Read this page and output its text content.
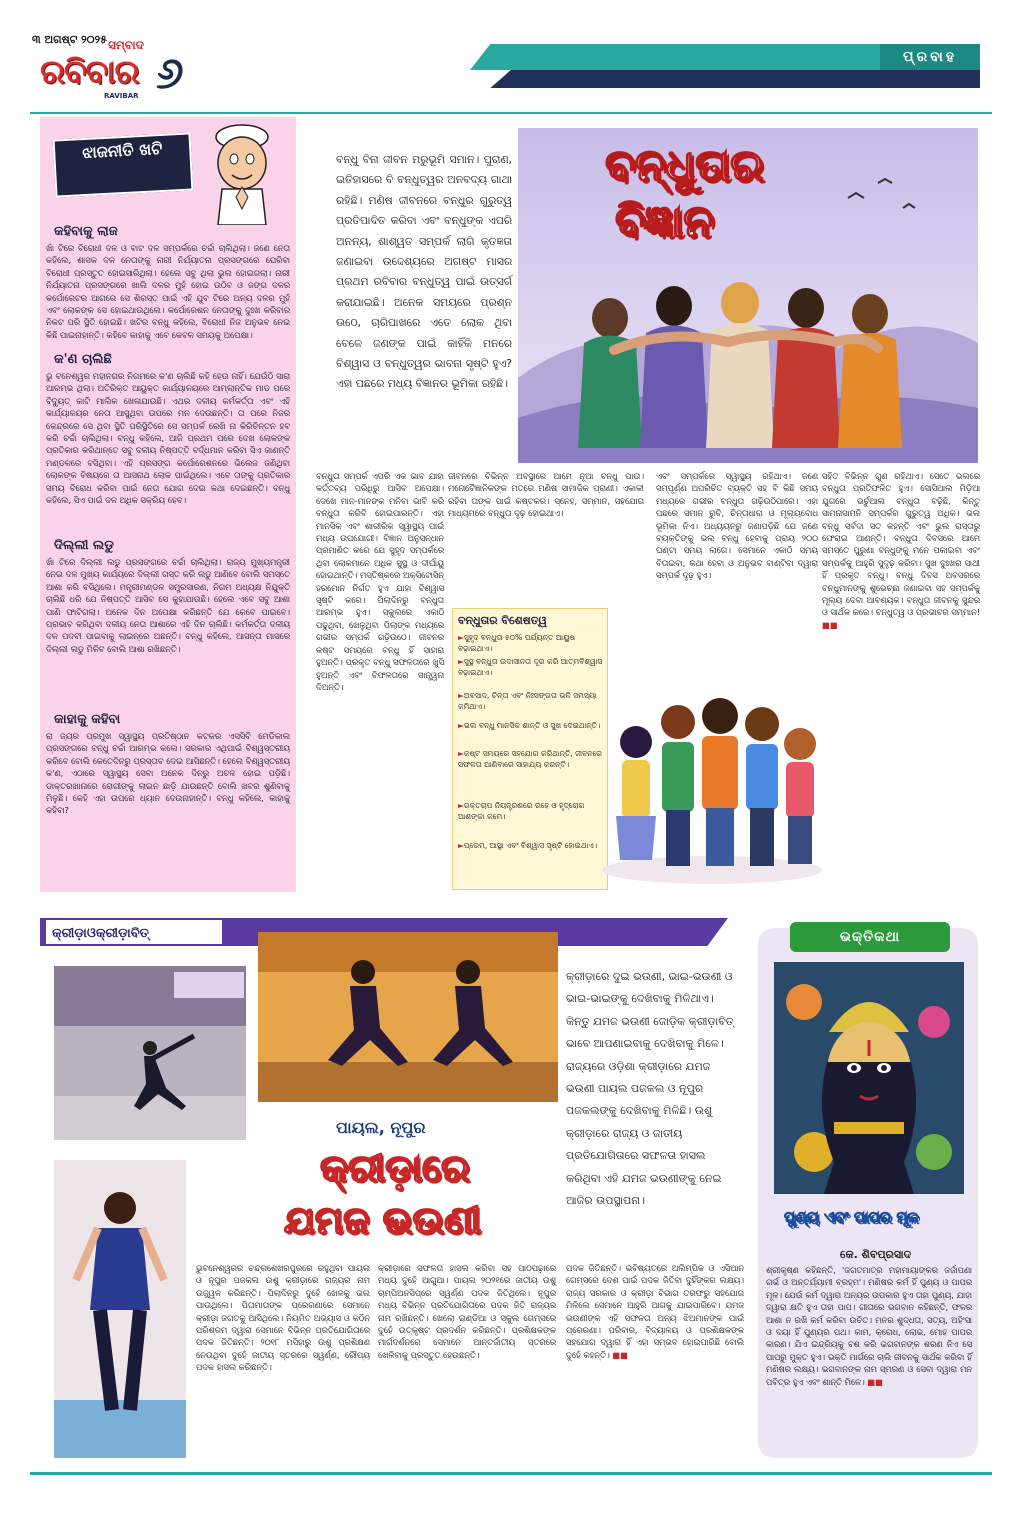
୩ ଅଗଷ୍ଟ ୨୦୨୫ ସମ୍ବାଦ
ରବିବାର
RAVIBAR ୬	ପ୍ରବାହ
ଝାଜନୀତି ଖଟି
କହିବାକୁ ଲାଜ

ଖାଁ ଟିରେ ବିରୋଧୀ ଦଳ ଓ ବାଟ ଦଳ ସମ୍ପର୍କରେ ଚର୍ଚ୍ଚା ଚାଲିଥିଲା। ଜଣେ ନେତା କହିଲେ, ଶାସକ ଦଳ ନେତାଙ୍କୁ ନାରୀ ନିର୍ଯ୍ୟାତନା ପ୍ରସଙ୍ଗରେ ଘେରିବା ବିରୋଧୀ ପ୍ରସ୍ତୁତ ହୋଇସାରିଥିଲା। ହେଲେ ସବୁ ଥିଲା ଭୁଲ ହୋଇଗଲା। ନାରୀ ନିର୍ଯ୍ୟାତନା ପ୍ରସଙ୍ଗରେ ଖାଲି ଦଳର ମୁହଁ ହୋଇ ଉଠିବ ଓ ଜଙ୍ଗ ଦଳର କର୍ପୋରେଟର ଆଗରେ ସେ ଶିରସ୍ତ ପାଇଁ ଏହି ଯୁବ ଟିରେ ଅନ୍ୟ ଦଳର ମୁହଁ ଏବଂ ଲୋକଙ୍କ ସେ ହୋଇଥାଉଥିଲେ। କର୍ପୋରେଶନ ନେତାଙ୍କୁ ଦୁଃଖ କରିବାର ନିକଟ ପରି ସ୍ଥିତି ହୋଇଛି। ଖଟିର ବନ୍ଧୁ କହିଲେ, ବିରୋଧୀ ନିଜ ଅନୁଭବ ନେଇ କିଛି ପାଇନାହାନ୍ତି। କହିବେ କାହାକୁ ଏବେ କେବଳ ସମୟକୁ ଅପେକ୍ଷା।

କ'ଣ ଚାଲିଛି

ଭୁ ବନେଶ୍ୱର ମହାନଗର ନିଗମରେ କ'ଣ ଚାଲିଛି କହି ହେଉ ନାହିଁ। ଯେଉଁଠି ସାରା ଆରମ୍ଭ ଥିଲା। ଅତିରିକ୍ତ ଆୟୁକ୍ତ କାର୍ଯ୍ୟାଳୟରେ ଆମ୍ଲାନ୍ତିକ ମାଡ ପରେ ବିଦ୍ୟୁତ୍ କାଟି ମାଲିକ ଖେଳାଯାଉଛି। ଏଥର ଦଳୀୟ କର୍ମକର୍ତ୍ତା ଏବଂ ଏହି କାର୍ଯ୍ୟାଳୟର ନେତା ଆସୁଥିବା ଉପରେ ମନ ଦେଉଛନ୍ତି। ତା ପରେ ନିଜର କେନ୍ଦ୍ରରେ ସେ ଥିବା ସ୍ଥିତି ପରିସ୍ଥିତିରେ ସେ ସମ୍ପର୍କ ରେଖି ନା କିରିଚିନ୍ତନ ହବ କରି ଚର୍ଚ୍ଚା ଚାଲିଥିଲା। ବନ୍ଧୁ କହିଲେ, ଆଜି ପ୍ରଥମ ପରେ ଦେଖ ଲୋକଙ୍କ ପ୍ରତିକାର କରିଥାନ୍ତେ ସବୁ ଦଳୀୟ ନିଷ୍ପତ୍ତି ବର୍ଦ୍ଧମାନ କରିବା ସିଏ ଜାଣନ୍ତି ମଣ୍ଡଳରେ ବସିଥିବା। ଏହି ପ୍ରସଙ୍ଗ କର୍ପୋରେଶନରେ ଭିଲେଜ ଜଣିଥିବା ଲୋକଙ୍କ ବିଷୟରେ ତା ଆସନାଥ ଲୋକ ପାଇଁଥିଲେ। ଏବେ ତାଙ୍କୁ ପ୍ରତିକାର ସମୟ ବିରୋଧ କରିବା ପାଇଁ ନେତା ଯୋଗ ଦେଇ କଥା ଦେଇଛନ୍ତି। ବନ୍ଧୁ କହିଲେ, ସିଏ ପାଇଁ ଦଳ ଅଧିକ ସକ୍ରିୟ ହେବ।

ଦିଲ୍ଲୀ ଲଡୁ

ଖାଁ ଟିରେ ଦିଲ୍ଲୀ ଲଡୁ ପ୍ରସଙ୍ଗରେ ଚର୍ଚ୍ଚା ଚାଲିଥିଲା। ରାଜ୍ୟ ମୁଖ୍ୟମନ୍ତ୍ରୀ ନେଇ ଦଳ ମୁଖ୍ୟ କାର୍ଯ୍ୟରେ ଦିଲ୍ଲୀ ଗସ୍ତ କରି ଲଡୁ ଆଣିବେ ବୋଲି ସମସ୍ତେ ଆଶା କରି ବସିଥିଲେ। ମନ୍ତ୍ରୀମଣ୍ଡଳ ସମ୍ପ୍ରସାରଣ, ନିଗମ ଅଧ୍ୟକ୍ଷ ନିଯୁକ୍ତି ଚାଲିଛି ଧରି ଯେ ନିଷ୍ପତ୍ତି ଆସିବ ସେ କୁହାଯାଉଛି। ହେଲେ ଏବେ ସବୁ ଆଶା ପାଣି ଫାଟିଗଲା। ଅନେକ ଦିନ ଅପେକ୍ଷା କରିଛନ୍ତି ଯେ କେବେ ପାଇବେ। ପ୍ରଭାବ କରିଥିବା ଦଳୀୟ ନେତା ଆଶାରେ ଏହି ଦିନ ଚାଲିଛି। କର୍ମକର୍ତ୍ତା ଦଳୀୟ ଦଳ ପଦବୀ ପାଇବାକୁ ଲାଇନ୍‌ରେ ଅଛନ୍ତି। ବନ୍ଧୁ କହିଲେ, ଆସନ୍ତା ମାସରେ ଦିଲ୍ଲୀ ଲଡୁ ମିଳିବ ବୋଲି ଆଶା ରଖିଛନ୍ତି।

କାହାକୁ କହିବା

ରା ଜ୍ୟର ପ୍ରମୁଖ ସ୍ୱାସ୍ଥ୍ୟ ପ୍ରତିଷ୍ଠାନ କଟକର ଏସସିବି ମେଡିକାଲ ପ୍ରସଙ୍ଗରେ ବନ୍ଧୁ ଚର୍ଚ୍ଚା ଆରମ୍ଭ କଲେ। ସରକାର ଏଥିପାଇଁ ବିଶ୍ୱସ୍ତରୀୟ କରିବେ ବୋଲି କେତେଦିନରୁ ପ୍ରସ୍ତାବ ଦେଇ ଆସିଛନ୍ତି। ହେଲେ ବିଶ୍ୱସ୍ତରୀୟ କ'ଣ, ଏଠାରେ ସ୍ୱାସ୍ଥ୍ୟ ସେବା ଅନେକ ଦିନରୁ ଅଚଳ ହୋଇ ପଡ଼ିଛି। ଡାକ୍ତରଖାନାରେ ରୋଗୀଙ୍କୁ ଲାଇନ ଛାଡ଼ି ଯାଉଛନ୍ତି ବୋଲି ଖବର ଶୁଣିବାକୁ ମିଳୁଛି। କେହି ଏହା ଉପରେ ଧ୍ୟାନ ଦେଉନାହାନ୍ତି। ବନ୍ଧୁ କହିଲେ, କାହାକୁ କହିବା?

ବନ୍ଧୁ ବିନା ଜୀବନ ମରୁଭୂମି ସମାନ। ପୁରାଣ, ଇତିହାସରେ ବି ବନ୍ଧୁତ୍ୱର ଅନବଦ୍ୟ ଗାଥା ରହିଛି। ମଣିଷ ଜୀବନରେ ବନ୍ଧୁର ଗୁରୁତ୍ୱ ପ୍ରତିପାଦିତ କରିବା ଏବଂ ବନ୍ଧୁଙ୍କ ଏପରି ଅନନ୍ୟ, ଶାଶ୍ୱତ ସମ୍ପର୍କ ଲାଗି କୃତଜ୍ଞତା ଜଣାଇବା ଉଦ୍ଦେଶ୍ୟରେ ଅଗଷ୍ଟ ମାସର ପ୍ରଥମ ରବିବାର ବନ୍ଧୁତ୍ୱ ପାଇଁ ଉତ୍ସର୍ଗ କରାଯାଇଛି। ଅନେକ ସମୟରେ ପ୍ରଶ୍ନ ଉଠେ, ଚାରିପାଖରେ ଏତେ ଲୋକ ଥିବା ବେଳେ ଜଣଙ୍କ ପାଇଁ କାହିଁକି ମନରେ ବିଶ୍ୱାସ ଓ ବନ୍ଧୁତ୍ୱର ଭାବନା ସୃଷ୍ଟି ହୁଏ? ଏହା ପଛରେ ମଧ୍ୟ ବିଜ୍ଞାନର ଭୂମିକା ରହିଛି।
ବନ୍ଧୁତାର
ବିଜ୍ଞାନ

ବନ୍ଧୁତା ସମ୍ପର୍କ ଏପରି ଏକ ଭାବ ଯାହା କର୍ତ୍ତବ୍ୟ ପରିଧିରୁ ଆସିବ ଅପେକ୍ଷା। ଦେଖେ ମାନ-ମାନଙ୍କ ମନିବା ଭାବି କରି ବନ୍ଧୁତା କରିବି ହୋଇପାରନ୍ତି। ଏହା ମାନସିକ ଏବଂ ଶାରୀରିକ ସ୍ୱାସ୍ଥ୍ୟ ପାଇଁ ମଧ୍ୟ ଉପଯୋଗୀ। ବିଜ୍ଞାନ ଅନୁସନ୍ଧାନ ପ୍ରମାଣିତ କରେ ଯେ ସୁହୃଦ ସମ୍ପର୍କରେ ଥିବା ଲୋକମାନେ ଅଧିକ ସୁସ୍ଥ ଓ ଦୀର୍ଘାୟୁ ହୋଇଥାନ୍ତି। ମସ୍ତିଷ୍କରେ ଅକ୍ସିଟୋସିନ୍ ହରମୋନ ନିର୍ଗତ ହୁଏ ଯାହା ବିଶ୍ୱାସ ସୃଷ୍ଟି କରେ। ପିଲାଦିନରୁ ବନ୍ଧୁତା ଆରମ୍ଭ ହୁଏ। ସ୍କୁଲରେ ଏକାଠି ପଢୁଥିବା, ଖେଳୁଥିବା ପିଲାଙ୍କ ମଧ୍ୟରେ ଗଭୀର ସମ୍ପର୍କ ଗଢ଼ିଉଠେ। ଜୀବନର କଷ୍ଟ ସମୟରେ ବନ୍ଧୁ ହିଁ ସାହାରା ହୁଅନ୍ତି। ପ୍ରକୃତ ବନ୍ଧୁ ସଫଳତାରେ ଖୁସି ହୁଅନ୍ତି ଏବଂ ବିଫଳତାରେ ସାନ୍ତ୍ୱନା ଦିଅନ୍ତି।

ଜୀବନରେ ବିଭିନ୍ନ ଅବସ୍ଥାରେ ଆମେ ନୂଆ ବନ୍ଧୁ ପାଉ। ମନୋବୈଜ୍ଞାନିକଙ୍କ ମତରେ ମଣିଷ ସାମାଜିକ ପ୍ରାଣୀ। ଏକାକୀ ରହିବା ତାଙ୍କ ପାଇଁ କଷ୍ଟକର। ସ୍ନେହ, ସମ୍ମାନ, ସହଯୋଗ ମାଧ୍ୟମରେ ବନ୍ଧୁତା ଦୃଢ଼ ହୋଇଥାଏ।

ଏବଂ ସମ୍ପର୍କରେ ସ୍ୱାସ୍ଥ୍ୟ ରହିଥାଏ। ଜଣେ ସମ୍ପୂର୍ଣ୍ଣ ଅପରିଚିତ ବ୍ୟକ୍ତି ସହ ବି କିଛି ସମୟ ମଧ୍ୟରେ ଗଭୀର ବନ୍ଧୁତା ଗଢ଼ିଉଠିପାରେ। ଏହା ପଛରେ ସମାନ ରୁଚି, ଚିନ୍ତାଧାରା ଓ ମୂଲ୍ୟବୋଧ ଭୂମିକା ନିଏ। ଅଧ୍ୟୟନରୁ ଜଣାପଡ଼ିଛି ଯେ ଜଣେ ବ୍ୟକ୍ତିଙ୍କୁ ଭଲ ବନ୍ଧୁ ହେବାକୁ ପ୍ରାୟ ୨୦୦ ଘଣ୍ଟା ସମୟ ଲାଗେ। ସେମାନେ ଏକାଠି ସମୟ ବିତାଇବା, କଥା ହେବା ଓ ଅନୁଭବ ବାଣ୍ଟିବା ଦ୍ୱାରା ସମ୍ପର୍କ ଦୃଢ଼ ହୁଏ।

ସହିତ ବିଭିନ୍ନ ଗୁଣ ରହିଥାଏ। ସେତେ ଭଲରେ ବନ୍ଧୁତା ପ୍ରତିଫଳିତ ହୁଏ। ସୋସିଆଲ ମିଡ଼ିଆ ଯୁଗରେ ଭର୍ଚୁଆଲ ବନ୍ଧୁତା ବଢ଼ିଛି, କିନ୍ତୁ ସାମନାସାମନି ସମ୍ପର୍କର ଗୁରୁତ୍ୱ ଅଧିକ। ଭଲ ବନ୍ଧୁ ସର୍ବଦା ସତ କହନ୍ତି ଏବଂ ଭୁଲ ରାସ୍ତାରୁ ଫେରାଇ ଆଣନ୍ତି। ବନ୍ଧୁତା ଦିବସରେ ଆମେ ସମସ୍ତେ ପୁରୁଣା ବନ୍ଧୁଙ୍କୁ ମନେ ପକାଇବା ଏବଂ ସମ୍ପର୍କକୁ ଆହୁରି ସୁଦୃଢ଼ କରିବା। ସୁଖ ଦୁଃଖର ସାଥୀ ହିଁ ପ୍ରକୃତ ବନ୍ଧୁ। ବନ୍ଧୁ ଦିବସ ଅବସରରେ ବନ୍ଧୁମାନଙ୍କୁ ଶୁଭେଚ୍ଛା ଜଣାଇବା ସହ ସମ୍ପର୍କକୁ ମୂଲ୍ୟ ଦେବା ଆବଶ୍ୟକ। ବନ୍ଧୁତା ଜୀବନକୁ ସୁନ୍ଦର ଓ ସାର୍ଥକ କରେ। ବନ୍ଧୁତ୍ୱ ଓ ପ୍ରଭାବର ସମ୍ମାନ! ■■

ବନ୍ଧୁତାର ବିଶେଷତ୍ୱ
► ସୁହୃଦ ବନ୍ଧୁତା ୫୦% ପର୍ଯ୍ୟନ୍ତ ଆୟୁଷ ବଢ଼ାଇଥାଏ।
► ସୁସ୍ଥ ବନ୍ଧୁତା ଉଦାସୀନତା ଦୂର କରି ଆତ୍ମବିଶ୍ୱାସ ବଢ଼ାଇଥାଏ।
► ଅବସାଦ, ଚିନ୍ତା ଏବଂ ନିଃସଙ୍ଗତା ଭଳି ସମସ୍ୟା କମିଥାଏ।
► ଭଲ ବନ୍ଧୁ ମାନସିକ ଶାନ୍ତି ଓ ସୁଖ ଦେଇଥାନ୍ତି।
► କଷ୍ଟ ସମୟରେ ସହଯୋଗ କରିଥାନ୍ତି, ଜୀବନରେ ସଫଳତା ଆଣିବାରେ ସାହାଯ୍ୟ କରନ୍ତି।
► ରକ୍ତଚାପ ନିୟନ୍ତ୍ରଣରେ ରହେ ଓ ହୃଦ୍‌ରୋଗ ଆଶଙ୍କା କମେ।
► ପ୍ରେମ, ଆସ୍ଥା ଏବଂ ବିଶ୍ୱାସ ସୃଷ୍ଟି ହୋଇଥାଏ।
କ୍ରୀଡ଼ାଓକ୍ରୀଡ଼ାବିତ୍
ପାୟଲ, ନୂପୁର
କ୍ରୀଡ଼ାରେ
ଯମଜ ଭଉଣୀ
କ୍ରୀଡ଼ାରେ ଦୁଇ ଭଉଣୀ, ଭାଇ-ଭଉଣୀ ଓ ଭାଇ-ଭାଇଙ୍କୁ ଦେଖିବାକୁ ମିଳିଥାଏ। କିନ୍ତୁ ଯମଜ ଭଉଣୀ ଜୋଡ଼ିକ କ୍ରୀଡ଼ାବିତ୍ ଭାବେ ଆପଣାଇବାକୁ ଦେଖିବାକୁ ମିଳେ। ରାଜ୍ୟରେ ଓଡ଼ିଶା କ୍ରୀଡ଼ାରେ ଯମଜ ଭଉଣୀ ପାୟଲ ପଜକଲ ଓ ନୂପୁର ପଜକଲଙ୍କୁ ଦେଖିବାକୁ ମିଳିଛି। ଉଶୁ କ୍ରୀଡ଼ାରେ ରାଜ୍ୟ ଓ ଜାତୀୟ ପ୍ରତିଯୋଗିତାରେ ସଫଳତା ହାସଲ କରିଥିବା ଏହି ଯମଜ ଭଉଣୀଙ୍କୁ ନେଇ ଆଜିର ଉପସ୍ଥାପନା।

ଭୁବନେଶ୍ୱରର ଚନ୍ଦ୍ରଶେଖରପୁରରେ ରହୁଥିବା ପାୟଲ ଓ ନୂପୁର ପଜକଲ ଉଶୁ କ୍ରୀଡ଼ାରେ ରାଜ୍ୟର ନାମ ଉଜ୍ଜ୍ୱଳ କରିଛନ୍ତି। ପିଲାଦିନରୁ ଦୁହେଁ ଖେଳକୁ ଭଲ ପାଉଥିଲେ। ପିତାମାତାଙ୍କ ପ୍ରେରଣାରେ ସେମାନେ କ୍ରୀଡ଼ା ଜଗତକୁ ଆସିଥିଲେ। ନିୟମିତ ଅଭ୍ୟାସ ଓ କଠିନ ପରିଶ୍ରମ ଦ୍ୱାରା ସେମାନେ ବିଭିନ୍ନ ପ୍ରତିଯୋଗିତାରେ ପଦକ ଜିତିଛନ୍ତି। ୨୦୧୮ ମସିହାରୁ ଉଶୁ ପ୍ରଶିକ୍ଷଣ ନେଉଥିବା ଦୁହେଁ ଜାତୀୟ ସ୍ତରରେ ସ୍ୱର୍ଣ୍ଣ, ରୌପ୍ୟ ପଦକ ହାସଲ କରିଛନ୍ତି।

କ୍ରୀଡ଼ାରେ ସଫଳତା ହାସଲ କରିବା ସହ ପାଠପଢ଼ାରେ ମଧ୍ୟ ଦୁହେଁ ଆଗୁଆ। ପାୟଲ ୨୦୨୧ରେ ଜାତୀୟ ଉଶୁ ଚାମ୍ପିଅନସିପ୍‌ରେ ସ୍ୱର୍ଣ୍ଣ ପଦକ ଜିତିଥିଲେ। ନୂପୁର ମଧ୍ୟ ବିଭିନ୍ନ ପ୍ରତିଯୋଗିତାରେ ପଦକ ଜିତି ରାଜ୍ୟର ନାମ ରଖିଛନ୍ତି। ଖେଲୋ ଇଣ୍ଡିଆ ଓ ସ୍କୁଲ ଗେମ୍ସରେ ଦୁହେଁ ଉତ୍କୃଷ୍ଟ ପ୍ରଦର୍ଶନ କରିଛନ୍ତି। ପ୍ରଶିକ୍ଷକଙ୍କ ମାର୍ଗଦର୍ଶନରେ ସେମାନେ ଆନ୍ତର୍ଜାତୀୟ ସ୍ତରରେ ଖେଳିବାକୁ ପ୍ରସ୍ତୁତ ହେଉଛନ୍ତି।

ପଦକ ଜିତିଛନ୍ତି। ଭବିଷ୍ୟତରେ ଅଲିମ୍ପିକ ଓ ଏସିଆନ ଗେମ୍ସରେ ଦେଶ ପାଇଁ ପଦକ ଜିତିବା ଦୁହିଁଙ୍କର ଲକ୍ଷ୍ୟ। ରାଜ୍ୟ ସରକାର ଓ କ୍ରୀଡ଼ା ବିଭାଗ ତରଫରୁ ସହଯୋଗ ମିଳିଲେ ସେମାନେ ଆହୁରି ଆଗକୁ ଯାଇପାରିବେ। ଯମଜ ଭଉଣୀଙ୍କ ଏହି ସଫଳତା ଅନ୍ୟ ଝିଅମାନଙ୍କ ପାଇଁ ପ୍ରେରଣା। ପରିବାର, ବିଦ୍ୟାଳୟ ଓ ପ୍ରଶିକ୍ଷକଙ୍କ ସହଯୋଗ ଦ୍ୱାରା ହିଁ ଏହା ସମ୍ଭବ ହୋଇପାରିଛି ବୋଲି ଦୁହେଁ କହନ୍ତି। ■■

ଭକ୍ତିକଥା
ପୁଣ୍ୟ ଏବଂ ପାପର ମୂଳ
କେ. ଶିବପ୍ରସାଦ

ଶ୍ରୀକୃଷ୍ଣ କହିଛନ୍ତି, 'ଜଗତମାତ୍ର ମହାମାୟାଙ୍କର ଜର୍ଜାପଣା ଗର୍ଭ ଓ ଅନ୍ତର୍ଯ୍ୟାମୀ ବ୍ରହ୍ମ'। ମଣିଷର କର୍ମ ହିଁ ପୁଣ୍ୟ ଓ ପାପର ମୂଳ। ଯେଉଁ କର୍ମ ଦ୍ୱାରା ଅନ୍ୟର ଉପକାର ହୁଏ ତାହା ପୁଣ୍ୟ, ଯାହା ଦ୍ୱାରା କ୍ଷତି ହୁଏ ତାହା ପାପ। ଗୀତାରେ ଭଗବାନ କହିଛନ୍ତି, ଫଳର ଆଶା ନ ରଖି କର୍ମ କରିବା ଉଚିତ। ମନର ଶୁଦ୍ଧତା, ସତ୍ୟ, ଅହିଂସା ଓ ଦୟା ହିଁ ପୁଣ୍ୟର ପଥ। କାମ, କ୍ରୋଧ, ଲୋଭ, ମୋହ ପାପର କାରଣ। ଯିଏ ଇନ୍ଦ୍ରିୟକୁ ବଶ କରି ଭଗବାନଙ୍କ ଶରଣ ନିଏ ସେ ପାପରୁ ମୁକ୍ତ ହୁଏ। ଭକ୍ତି ମାର୍ଗରେ ଚାଲି ଜୀବନକୁ ସାର୍ଥକ କରିବା ହିଁ ମଣିଷର ଲକ୍ଷ୍ୟ। ଭଗବାନଙ୍କ ନାମ ସ୍ମରଣ ଓ ସେବା ଦ୍ୱାରା ମନ ପବିତ୍ର ହୁଏ ଏବଂ ଶାନ୍ତି ମିଳେ। ■■
